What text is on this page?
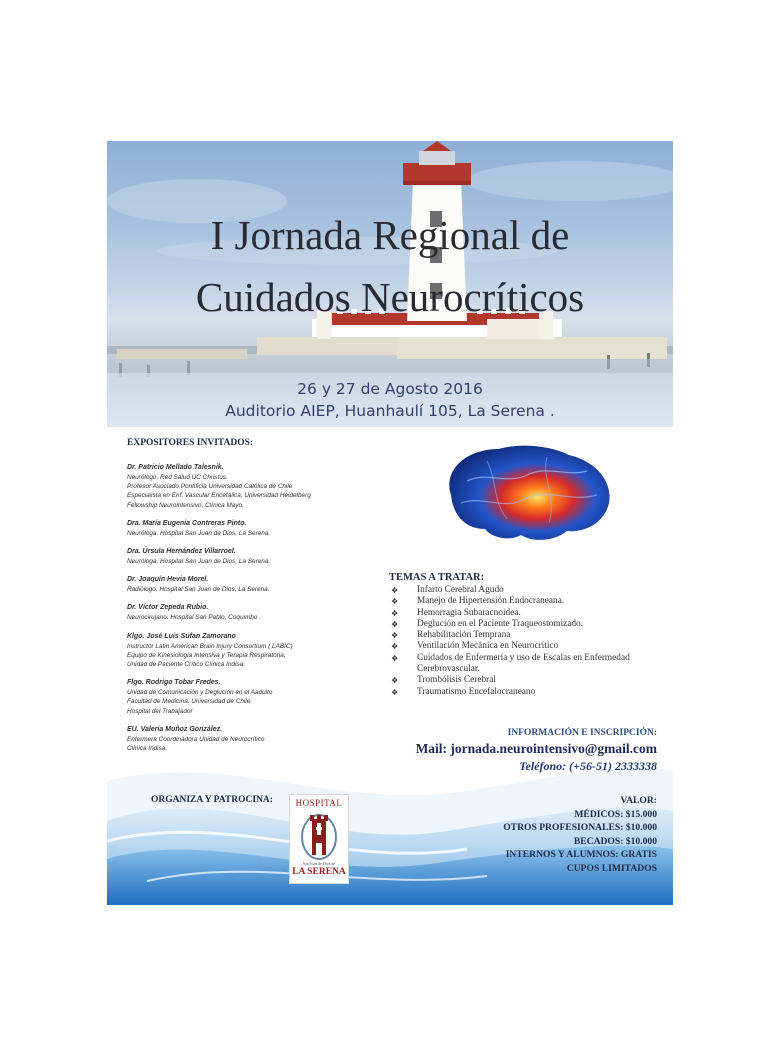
I Jornada Regional de
Cuidados Neurocríticos
26 y 27 de Agosto 2016
Auditorio AIEP, Huanhaulí 105, La Serena .
EXPOSITORES INVITADOS:
Dr. Patricio Mellado Talesnik.
Neurólogo. Red Salud UC Christus.
Profesor Asociado Pontificia Universidad Católica de Chile
Especialista en Enf. Vascular Encefálica. Universidad Heidelberg
Fellowship Neurointensivo, Clínica Mayo.
Dra. María Eugenia Contreras Pinto.
Neuróloga. Hospital San Juan de Dios, La Serena.
Dra. Úrsula Hernández Villarroel.
Neuróloga. Hospital San Juan de Dios, La Serena.
Dr. Joaquín Hevia Morel.
Radiólogo. Hospital San Juan de Dios, La Serena.
Dr. Víctor Zepeda Rubio.
Neurocirujano. Hospital San Pablo, Coquimbo .
Klgo. José Luis Sufan Zamorano
Instructor Latin American Brain Injury Consortium ( LABIC)
Equipo de Kinesiología Intensiva y Terapia Respiratoria,
Unidad de Paciente Crítico Clínica Indisa.
Flgo. Rodrigo Tobar Fredes.
Unidad de Comunicación y Deglución en el Aadulto
Facultad de Medicina. Universidad de Chile.
Hospital del Trabajador
EU. Valeria Muñoz González.
Enfermera Coordinadora Unidad de Neurocrítico
Clínica Indisa.
TEMAS A TRATAR:
❖ Infarto Cerebral Agudo
❖ Manejo de Hipertensión Endocraneana.
❖ Hemorragia Subaracnoidea.
❖ Deglución en el Paciente Traqueostomizado.
❖ Rehabilitación Temprana
❖ Ventilación Mecánica en Neurocrítico
❖ Cuidados de Enfermería y uso de Escalas en Enfermedad Cerebrovascular.
❖ Trombólisis Cerebral
❖ Traumatismo Encefalocraneano
INFORMACIÓN E INSCRIPCIÓN:
Mail: jornada.neurointensivo@gmail.com
Teléfono: (+56-51) 2333338
ORGANIZA Y PATROCINA:	HOSPITAL
San Juan de Dios de
LA SERENA
VALOR:
MÉDICOS: $15.000
OTROS PROFESIONALES: $10.000
BECADOS: $10.000
INTERNOS Y ALUMNOS: GRATIS
CUPOS LIMITADOS
